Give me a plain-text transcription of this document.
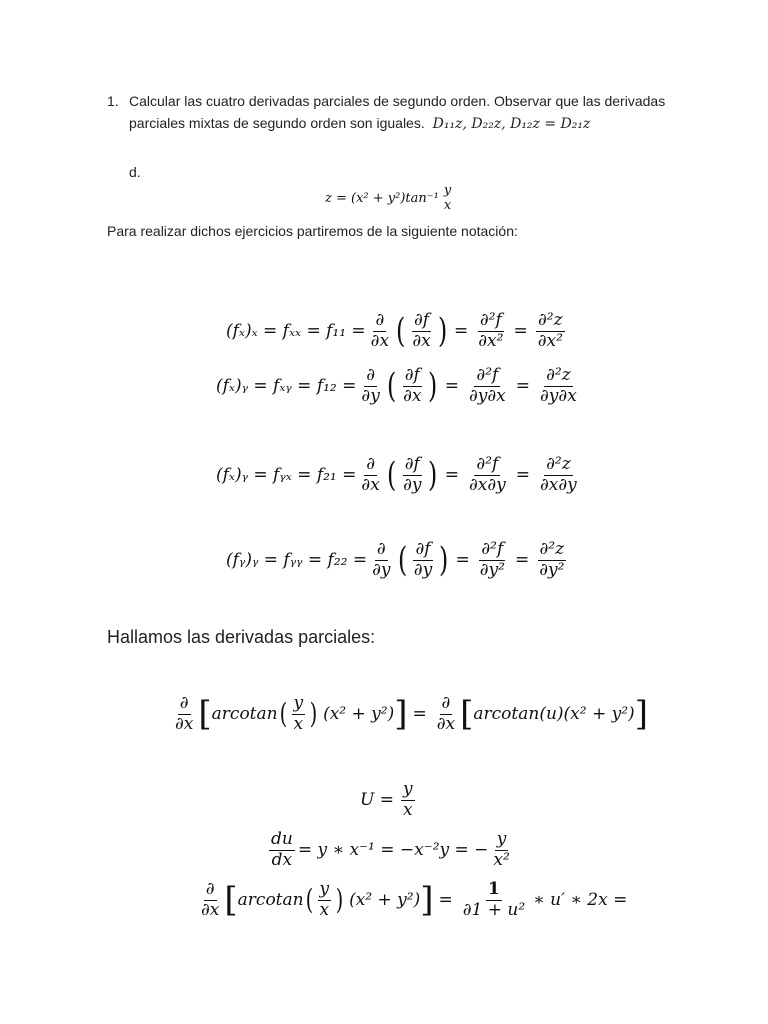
1. Calcular las cuatro derivadas parciales de segundo orden. Observar que las derivadas
parciales mixtas de segundo orden son iguales. D₁₁z, D₂₂z, D₁₂z = D₂₁z
d.
z = (x² + y²)tan⁻¹
y
x
Para realizar dichos ejercicios partiremos de la siguiente notación:
$(f_x)_x = f_{xx} = f_{11} = \frac{\partial}{\partial x}$ ( $\frac{\partial f}{\partial x}$ ) = $\frac{\text{∂²f}}{\text{∂x²}} = \frac{\text{∂²z}}{\text{∂x²}}$
(fₓ)ᵧ = fₓᵧ = $f_{12} = \frac{\partial}{\partial y}$ ( $\frac{\partial f}{\partial x}$ ) = $\frac{\text{∂²f}}{\partial y\partial x} = \frac{\text{∂²z}}{\partial y\partial x}$
(fₓ)ᵧ = fᵧₓ = $f_{21} = \frac{\partial}{\partial x}$ ( $\frac{\partial f}{\partial y}$ ) = $\frac{\text{∂²f}}{\partial x\partial y} = \frac{\text{∂²z}}{\partial x\partial y}$
(fᵧ)ᵧ = fᵧᵧ = $f_{22} = \frac{\partial}{\partial y}$ ( $\frac{\partial f}{\partial y}$ ) = $\frac{\text{∂²f}}{\text{∂y²}} = \frac{\text{∂²z}}{\text{∂y²}}$
Hallamos las derivadas parciales:
$\frac{\partial}{\partial x}$ [ arcotan ( $\frac{y}{x}$ ) (x² + y²) ] = $\frac{\partial}{\partial x}$ [ arcotan(u)(x² + y²) ]
$U = \frac{y}{x}$
$\frac{du}{dx} = y$ ∗ x⁻¹ = −x⁻²y = − $\frac{y}{\text{x²}}$
$\frac{\partial}{\partial x}$ [ arcotan ( $\frac{y}{x}$ ) (x² + y²) ] = $\frac{1}{\text{∂1 + u²}}$ ∗ u′ ∗ 2x =
